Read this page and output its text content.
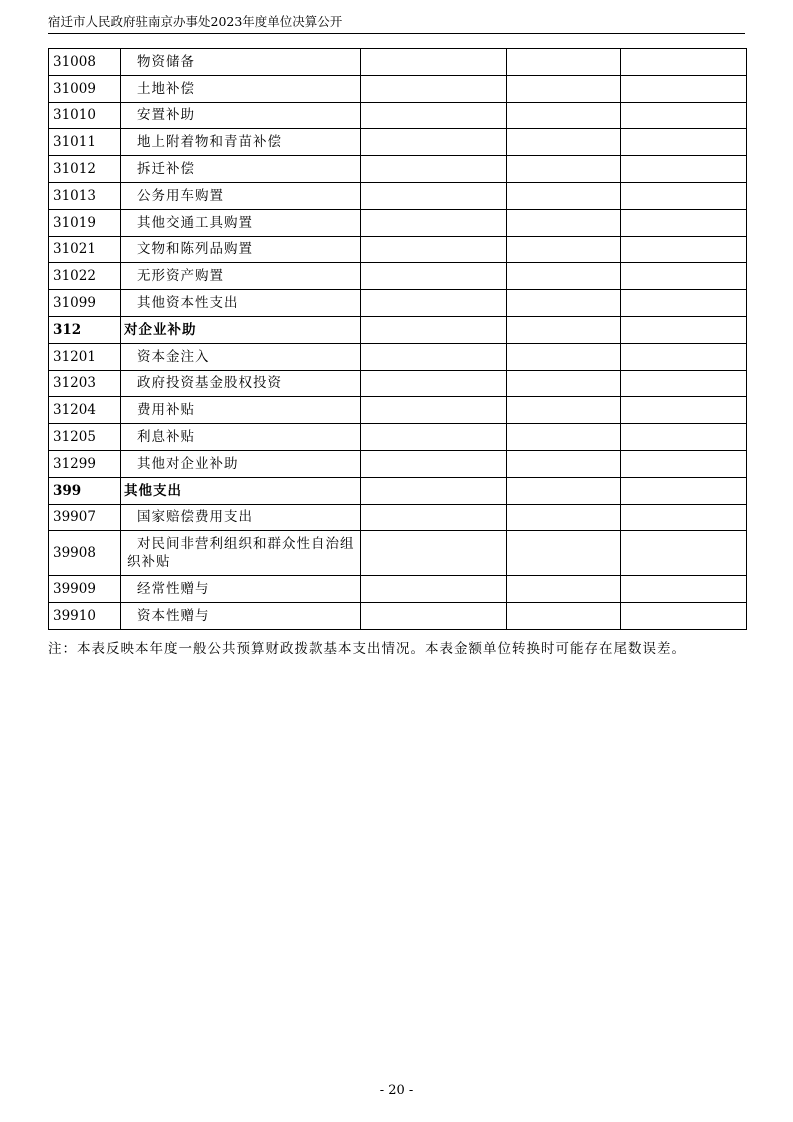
宿迁市人民政府驻南京办事处2023年度单位决算公开
31008	物资储备			
31009	土地补偿			
31010	安置补助			
31011	地上附着物和青苗补偿			
31012	拆迁补偿			
31013	公务用车购置			
31019	其他交通工具购置			
31021	文物和陈列品购置			
31022	无形资产购置			
31099	其他资本性支出			
312	对企业补助			
31201	资本金注入			
31203	政府投资基金股权投资			
31204	费用补贴			
31205	利息补贴			
31299	其他对企业补助			
399	其他支出			
39907	国家赔偿费用支出			
39908	对民间非营利组织和群众性自治组织补贴			
39909	经常性赠与			
39910	资本性赠与			
注：本表反映本年度一般公共预算财政拨款基本支出情况。本表金额单位转换时可能存在尾数误差。
- 20 -
